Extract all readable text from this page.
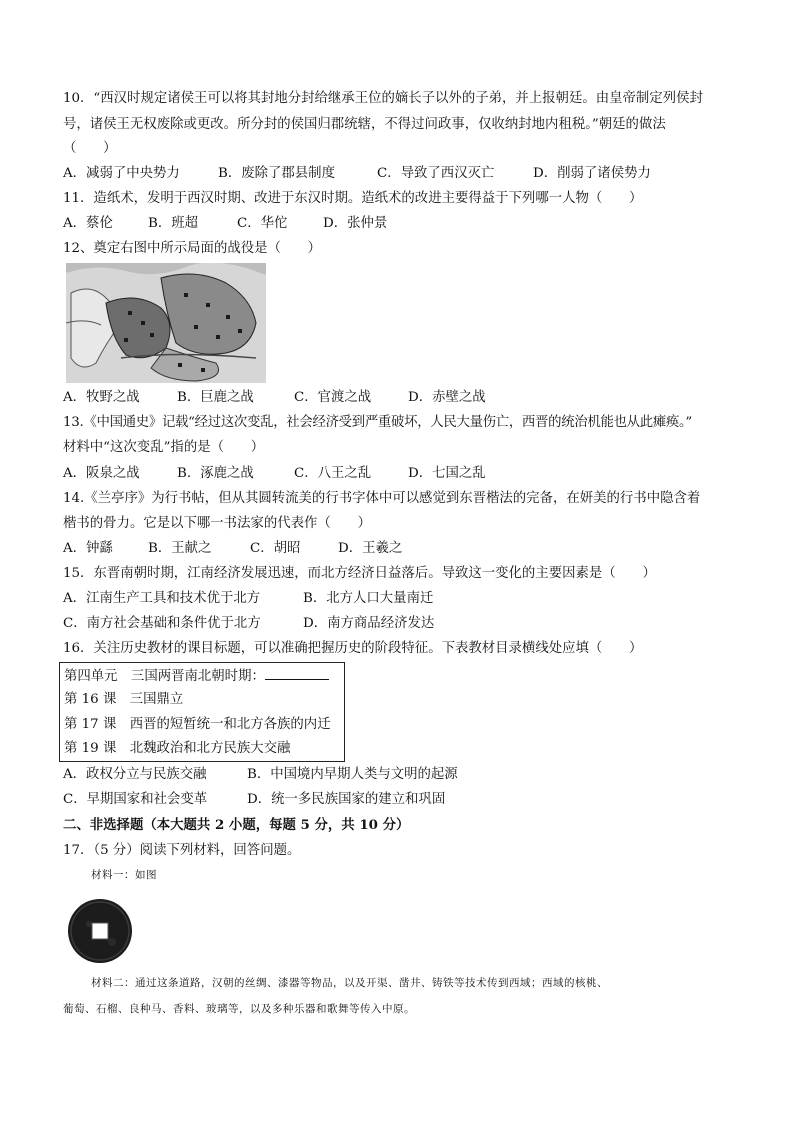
10．“西汉时规定诸侯王可以将其封地分封给继承王位的嫡长子以外的子弟，并上报朝廷。由皇帝制定列侯封
号，诸侯王无权废除或更改。所分封的侯国归郡统辖，不得过问政事，仅收纳封地内租税。”朝廷的做法
（　　）
A．减弱了中央势力	B．废除了郡县制度	C．导致了西汉灭亡	D．削弱了诸侯势力
11．造纸术，发明于西汉时期、改进于东汉时期。造纸术的改进主要得益于下列哪一人物（　　）
A．蔡伦	B．班超	C．华佗	D．张仲景
12、奠定右图中所示局面的战役是（　　）
A．牧野之战	B．巨鹿之战	C．官渡之战	D．赤壁之战
13.《中国通史》记载“经过这次变乱，社会经济受到严重破坏，人民大量伤亡，西晋的统治机能也从此瘫痪。”
材料中“这次变乱”指的是（　　）
A．阪泉之战	B．涿鹿之战	C．八王之乱	D．七国之乱
14.《兰亭序》为行书帖，但从其圆转流美的行书字体中可以感觉到东晋楷法的完备，在妍美的行书中隐含着
楷书的骨力。它是以下哪一书法家的代表作（　　）
A．钟繇	B．王献之	C．胡昭	D．王羲之
15．东晋南朝时期，江南经济发展迅速，而北方经济日益落后。导致这一变化的主要因素是（　　）
A．江南生产工具和技术优于北方	B．北方人口大量南迁
C．南方社会基础和条件优于北方	D．南方商品经济发达
16．关注历史教材的课目标题，可以准确把握历史的阶段特征。下表教材目录横线处应填（　　）
第四单元　三国两晋南北朝时期：
第 16 课　三国鼎立
第 17 课　西晋的短暂统一和北方各族的内迁
第 19 课　北魏政治和北方民族大交融
A．政权分立与民族交融	B．中国境内早期人类与文明的起源
C．早期国家和社会变革	D．统一多民族国家的建立和巩固
二、非选择题（本大题共 2 小题，每题 5 分，共 10 分）
17．（5 分）阅读下列材料，回答问题。
材料一：如图
材料二：通过这条道路，汉朝的丝绸、漆器等物品，以及开渠、凿井、铸铁等技术传到西域；西域的核桃、
葡萄、石榴、良种马、香料、玻璃等，以及多种乐器和歌舞等传入中原。
